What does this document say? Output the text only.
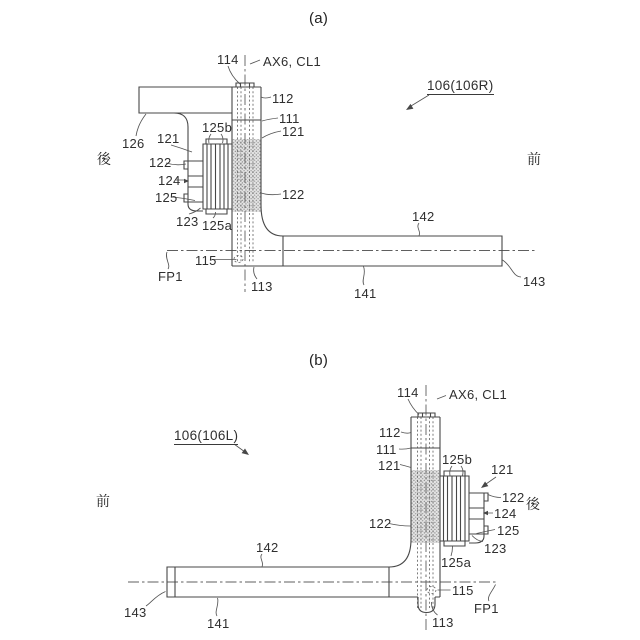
(a)
114 AX6, CL1
106(106R)
112
111
121
126 121
125b
後	前
122
124
125
123 125a
122
142
141
143
115
113
FP1
(b)
114 AX6, CL1
106(106L)	112
111
121	125b
121
122 後
前
124
125
123
125a
122
142
141
143
115
FP1
113
